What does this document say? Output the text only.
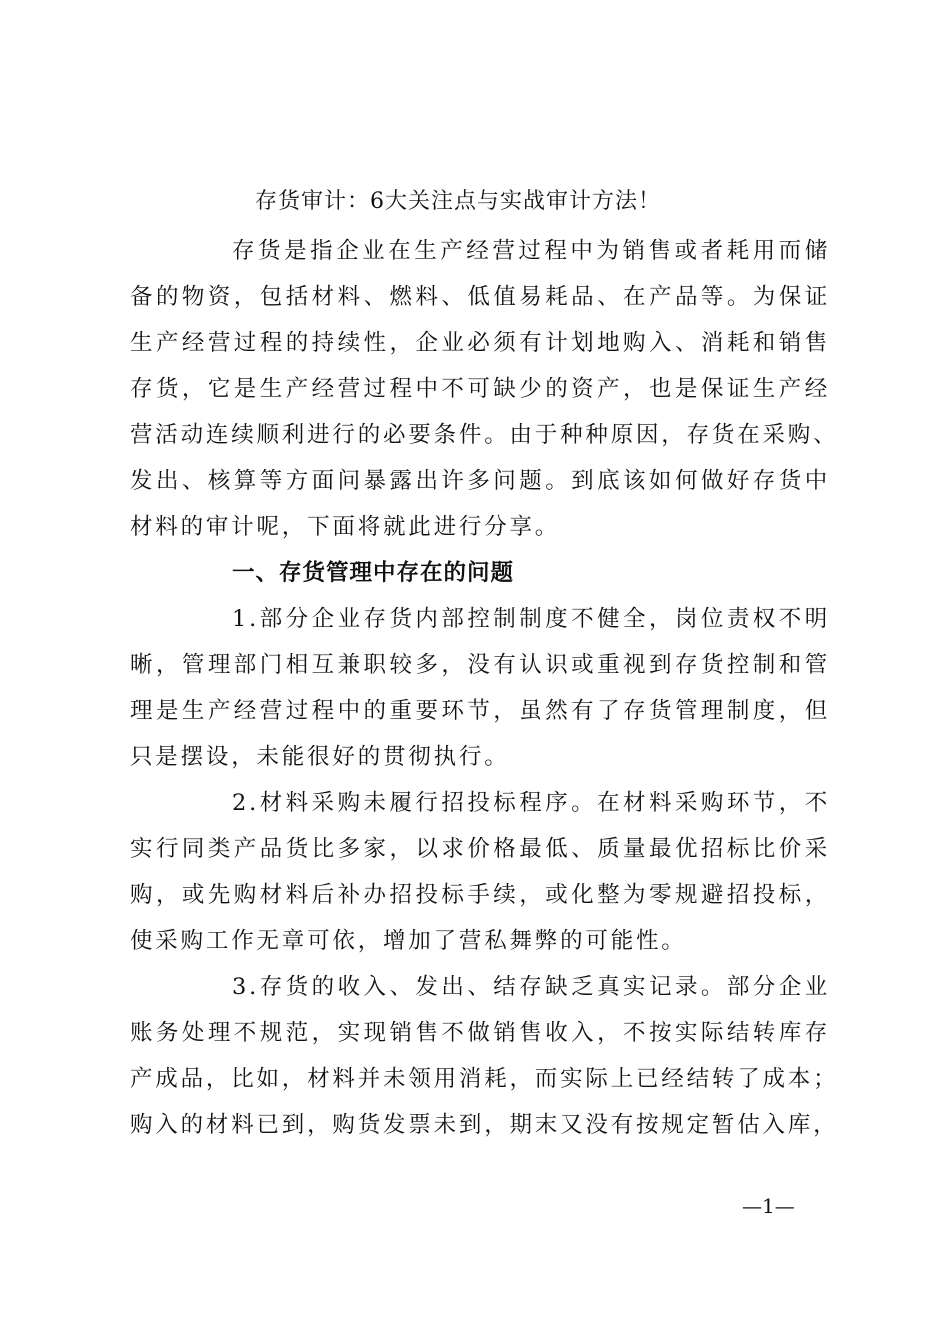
存货审计：6大关注点与实战审计方法！
存货是指企业在生产经营过程中为销售或者耗用而储
备的物资，包括材料、燃料、低值易耗品、在产品等。为保证
生产经营过程的持续性，企业必须有计划地购入、消耗和销售
存货，它是生产经营过程中不可缺少的资产，也是保证生产经
营活动连续顺利进行的必要条件。由于种种原因，存货在采购、
发出、核算等方面问暴露出许多问题。到底该如何做好存货中
材料的审计呢，下面将就此进行分享。
一、存货管理中存在的问题
1.部分企业存货内部控制制度不健全，岗位责权不明
晰，管理部门相互兼职较多，没有认识或重视到存货控制和管
理是生产经营过程中的重要环节，虽然有了存货管理制度，但
只是摆设，未能很好的贯彻执行。
2.材料采购未履行招投标程序。在材料采购环节，不
实行同类产品货比多家，以求价格最低、质量最优招标比价采
购，或先购材料后补办招投标手续，或化整为零规避招投标，
使采购工作无章可依，增加了营私舞弊的可能性。
3.存货的收入、发出、结存缺乏真实记录。部分企业
账务处理不规范，实现销售不做销售收入，不按实际结转库存
产成品，比如，材料并未领用消耗，而实际上已经结转了成本；
购入的材料已到，购货发票未到，期末又没有按规定暂估入库，
—1—
